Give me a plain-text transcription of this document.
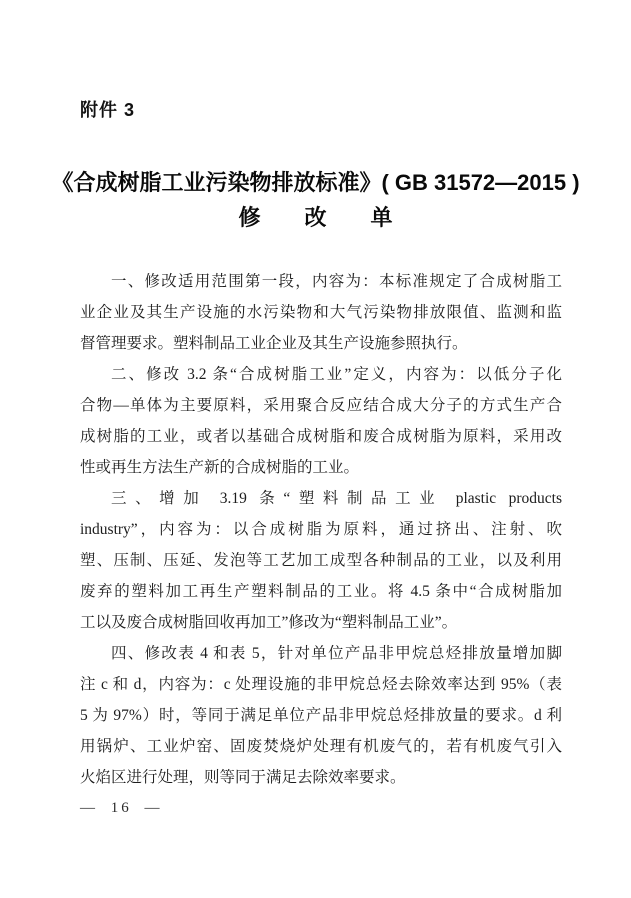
附件 3
《合成树脂工业污染物排放标准》( GB 31572—2015 )
修　　改　　单
一、修改适用范围第一段，内容为：本标准规定了合成树脂工
业企业及其生产设施的水污染物和大气污染物排放限值、监测和监
督管理要求。塑料制品工业企业及其生产设施参照执行。
二、修改 3.2 条“合成树脂工业”定义，内容为：以低分子化
合物—单体为主要原料，采用聚合反应结合成大分子的方式生产合
成树脂的工业，或者以基础合成树脂和废合成树脂为原料，采用改
性或再生方法生产新的合成树脂的工业。
三、增加 3.19 条“塑料制品工业 plastic products
industry”，内容为：以合成树脂为原料，通过挤出、注射、吹
塑、压制、压延、发泡等工艺加工成型各种制品的工业，以及利用
废弃的塑料加工再生产塑料制品的工业。将 4.5 条中“合成树脂加
工以及废合成树脂回收再加工”修改为“塑料制品工业”。
四、修改表 4 和表 5，针对单位产品非甲烷总烃排放量增加脚
注 c 和 d，内容为：c 处理设施的非甲烷总烃去除效率达到 95%（表
5 为 97%）时，等同于满足单位产品非甲烷总烃排放量的要求。d 利
用锅炉、工业炉窑、固废焚烧炉处理有机废气的，若有机废气引入
火焰区进行处理，则等同于满足去除效率要求。
— 16 —
